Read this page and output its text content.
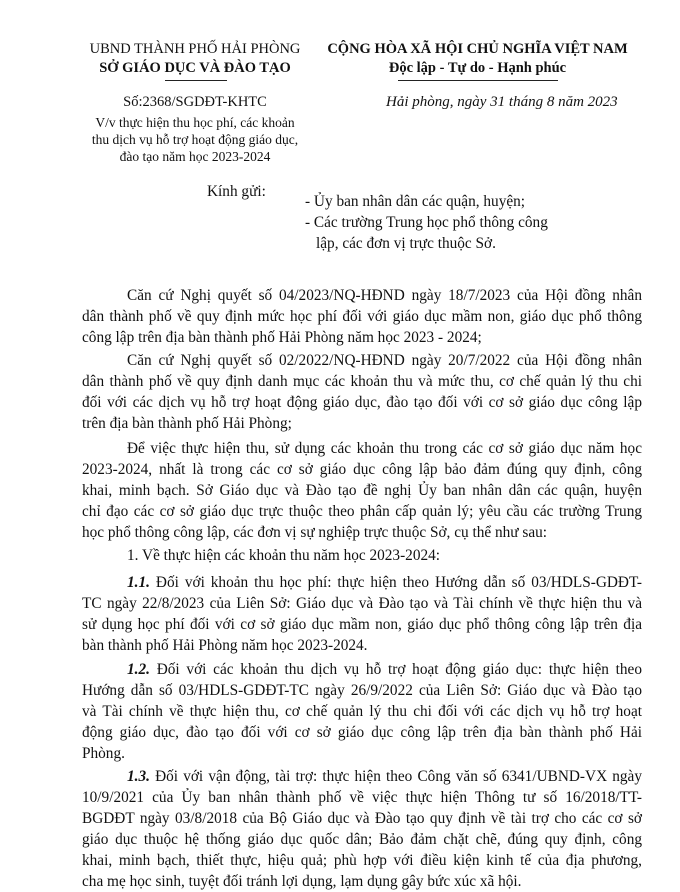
UBND THÀNH PHỐ HẢI PHÒNG
SỞ GIÁO DỤC VÀ ĐÀO TẠO
CỘNG HÒA XÃ HỘI CHỦ NGHĨA VIỆT NAM
Độc lập - Tự do - Hạnh phúc
Số:2368/SGDĐT-KHTC
V/v thực hiện thu học phí, các khoản
thu dịch vụ hỗ trợ hoạt động giáo dục,
đào tạo năm học 2023-2024
Hải phòng, ngày 31 tháng 8 năm 2023
Kính gửi:
- Ủy ban nhân dân các quận, huyện;
- Các trường Trung học phổ thông công
lập, các đơn vị trực thuộc Sở.
Căn cứ Nghị quyết số 04/2023/NQ-HĐND ngày 18/7/2023 của Hội đồng nhân
dân thành phố về quy định mức học phí đối với giáo dục mầm non, giáo dục phổ thông
công lập trên địa bàn thành phố Hải Phòng năm học 2023 - 2024;
Căn cứ Nghị quyết số 02/2022/NQ-HĐND ngày 20/7/2022 của Hội đồng nhân
dân thành phố về quy định danh mục các khoản thu và mức thu, cơ chế quản lý thu chi
đối với các dịch vụ hỗ trợ hoạt động giáo dục, đào tạo đối với cơ sở giáo dục công lập
trên địa bàn thành phố Hải Phòng;
Để việc thực hiện thu, sử dụng các khoản thu trong các cơ sở giáo dục năm học
2023-2024, nhất là trong các cơ sở giáo dục công lập bảo đảm đúng quy định, công
khai, minh bạch. Sở Giáo dục và Đào tạo đề nghị Ủy ban nhân dân các quận, huyện
chỉ đạo các cơ sở giáo dục trực thuộc theo phân cấp quản lý; yêu cầu các trường Trung
học phổ thông công lập, các đơn vị sự nghiệp trực thuộc Sở, cụ thể như sau:
1. Về thực hiện các khoản thu năm học 2023-2024:
1.1. Đối với khoản thu học phí: thực hiện theo Hướng dẫn số 03/HDLS-GDĐT-
TC ngày 22/8/2023 của Liên Sở: Giáo dục và Đào tạo và Tài chính về thực hiện thu và
sử dụng học phí đối với cơ sở giáo dục mầm non, giáo dục phổ thông công lập trên địa
bàn thành phố Hải Phòng năm học 2023-2024.
1.2. Đối với các khoản thu dịch vụ hỗ trợ hoạt động giáo dục: thực hiện theo
Hướng dẫn số 03/HDLS-GDĐT-TC ngày 26/9/2022 của Liên Sở: Giáo dục và Đào tạo
và Tài chính về thực hiện thu, cơ chế quản lý thu chi đối với các dịch vụ hỗ trợ hoạt
động giáo dục, đào tạo đối với cơ sở giáo dục công lập trên địa bàn thành phố Hải
Phòng.
1.3. Đối với vận động, tài trợ: thực hiện theo Công văn số 6341/UBND-VX ngày
10/9/2021 của Ủy ban nhân thành phố về việc thực hiện Thông tư số 16/2018/TT-
BGDĐT ngày 03/8/2018 của Bộ Giáo dục và Đào tạo quy định về tài trợ cho các cơ sở
giáo dục thuộc hệ thống giáo dục quốc dân; Bảo đảm chặt chẽ, đúng quy định, công
khai, minh bạch, thiết thực, hiệu quả; phù hợp với điều kiện kinh tế của địa phương,
cha mẹ học sinh, tuyệt đối tránh lợi dụng, lạm dụng gây bức xúc xã hội.
